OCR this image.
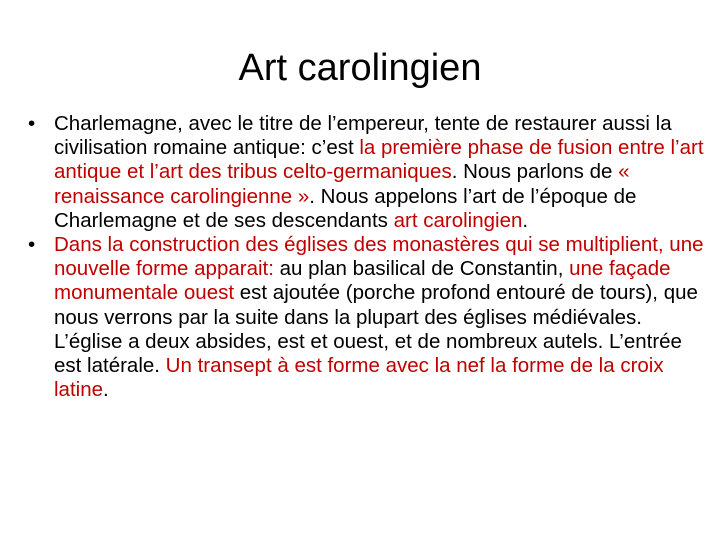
Art carolingien
• Charlemagne, avec le titre de l’empereur, tente de restaurer aussi la civilisation romaine antique: c’est la première phase de fusion entre l’art antique et l’art des tribus celto-germaniques. Nous parlons de « renaissance carolingienne ». Nous appelons l’art de l’époque de Charlemagne et de ses descendants art carolingien.
• Dans la construction des églises des monastères qui se multiplient, une nouvelle forme apparait: au plan basilical de Constantin, une façade monumentale ouest est ajoutée (porche profond entouré de tours), que nous verrons par la suite dans la plupart des églises médiévales. L’église a deux absides, est et ouest, et de nombreux autels. L’entrée est latérale. Un transept à est forme avec la nef la forme de la croix latine.
